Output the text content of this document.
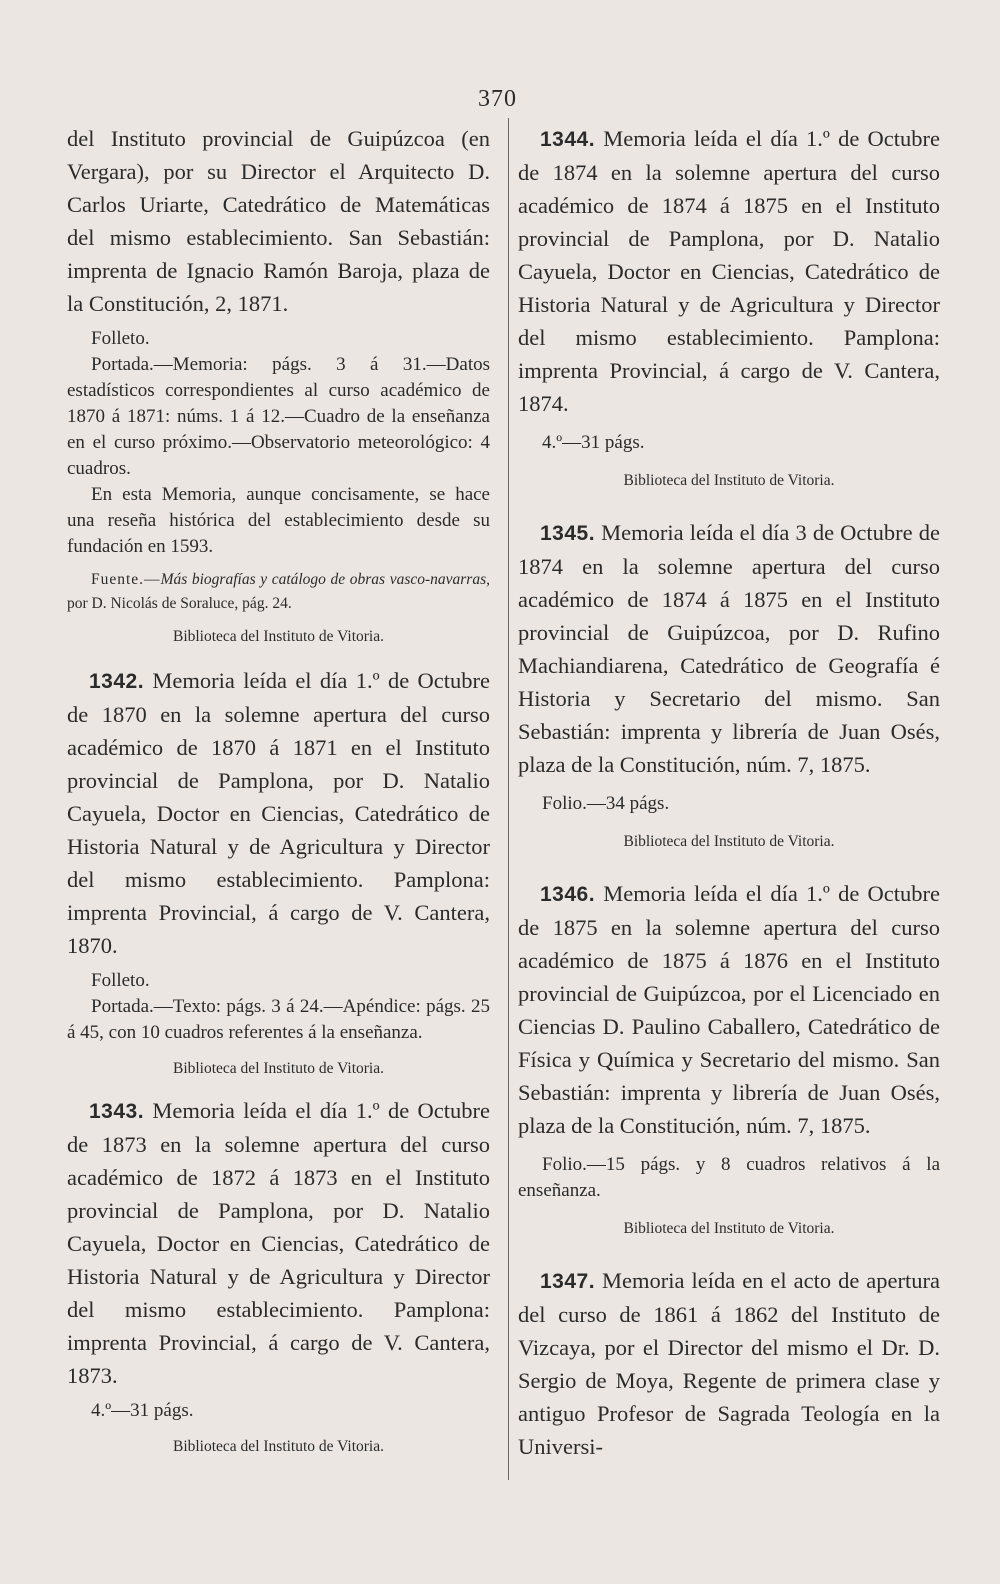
370

del Instituto provincial de Guipúzcoa (en Vergara), por su Director el Arquitecto D. Carlos Uriarte, Catedrático de Matemáticas del mismo establecimiento. San Sebastián: imprenta de Ignacio Ramón Baroja, plaza de la Constitución, 2, 1871.

Folleto.

Portada.—Memoria: págs. 3 á 31.—Datos estadísticos correspondientes al curso académico de 1870 á 1871: núms. 1 á 12.—Cuadro de la enseñanza en el curso próximo.—Observatorio meteorológico: 4 cuadros.

En esta Memoria, aunque concisamente, se hace una reseña histórica del establecimiento desde su fundación en 1593.

Fuente.—Más biografías y catálogo de obras vasco-navarras, por D. Nicolás de Soraluce, pág. 24.

Biblioteca del Instituto de Vitoria.

1342. Memoria leída el día 1.º de Octubre de 1870 en la solemne apertura del curso académico de 1870 á 1871 en el Instituto provincial de Pamplona, por D. Natalio Cayuela, Doctor en Ciencias, Catedrático de Historia Natural y de Agricultura y Director del mismo establecimiento. Pamplona: imprenta Provincial, á cargo de V. Cantera, 1870.

Folleto.

Portada.—Texto: págs. 3 á 24.—Apéndice: págs. 25 á 45, con 10 cuadros referentes á la enseñanza.

Biblioteca del Instituto de Vitoria.

1343. Memoria leída el día 1.º de Octubre de 1873 en la solemne apertura del curso académico de 1872 á 1873 en el Instituto provincial de Pamplona, por D. Natalio Cayuela, Doctor en Ciencias, Catedrático de Historia Natural y de Agricultura y Director del mismo establecimiento. Pamplona: imprenta Provincial, á cargo de V. Cantera, 1873.

4.º—31 págs.

Biblioteca del Instituto de Vitoria.

1344. Memoria leída el día 1.º de Octubre de 1874 en la solemne apertura del curso académico de 1874 á 1875 en el Instituto provincial de Pamplona, por D. Natalio Cayuela, Doctor en Ciencias, Catedrático de Historia Natural y de Agricultura y Director del mismo establecimiento. Pamplona: imprenta Provincial, á cargo de V. Cantera, 1874.

4.º—31 págs.

Biblioteca del Instituto de Vitoria.

1345. Memoria leída el día 3 de Octubre de 1874 en la solemne apertura del curso académico de 1874 á 1875 en el Instituto provincial de Guipúzcoa, por D. Rufino Machiandiarena, Catedrático de Geografía é Historia y Secretario del mismo. San Sebastián: imprenta y librería de Juan Osés, plaza de la Constitución, núm. 7, 1875.

Folio.—34 págs.

Biblioteca del Instituto de Vitoria.

1346. Memoria leída el día 1.º de Octubre de 1875 en la solemne apertura del curso académico de 1875 á 1876 en el Instituto provincial de Guipúzcoa, por el Licenciado en Ciencias D. Paulino Caballero, Catedrático de Física y Química y Secretario del mismo. San Sebastián: imprenta y librería de Juan Osés, plaza de la Constitución, núm. 7, 1875.

Folio.—15 págs. y 8 cuadros relativos á la enseñanza.

Biblioteca del Instituto de Vitoria.

1347. Memoria leída en el acto de apertura del curso de 1861 á 1862 del Instituto de Vizcaya, por el Director del mismo el Dr. D. Sergio de Moya, Regente de primera clase y antiguo Profesor de Sagrada Teología en la Universi-
